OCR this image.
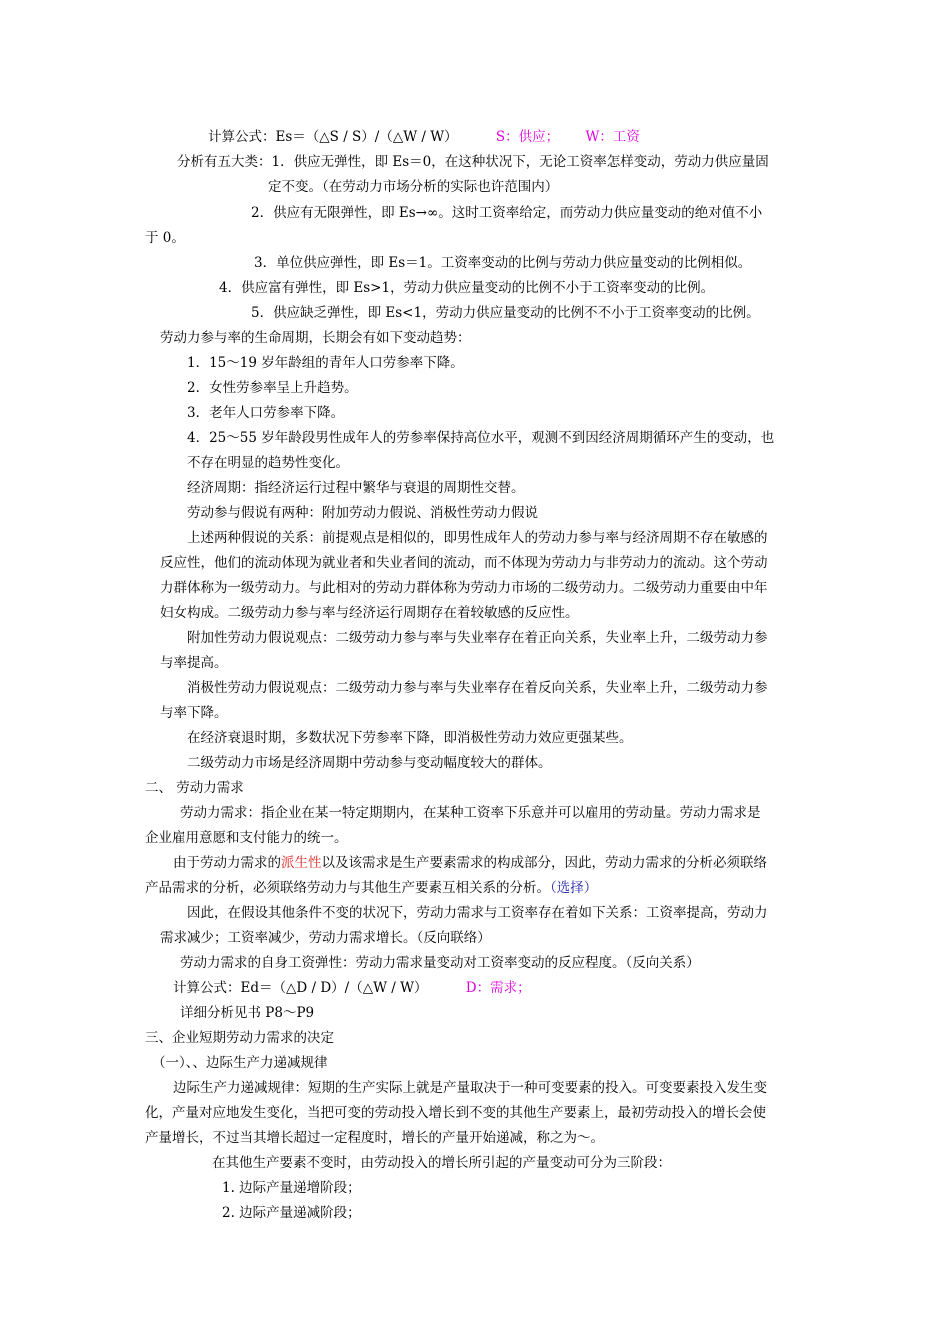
计算公式：Es＝（△S / S）/（△W / W）	S：供应； W：工资
分析有五大类：1．供应无弹性，即 Es＝0，在这种状况下，无论工资率怎样变动，劳动力供应量固
定不变。（在劳动力市场分析的实际也许范围内）
2．供应有无限弹性，即 Es→∞。这时工资率给定，而劳动力供应量变动的绝对值不小
于 0。
3．单位供应弹性，即 Es＝1。工资率变动的比例与劳动力供应量变动的比例相似。
4．供应富有弹性，即 Es>1，劳动力供应量变动的比例不小于工资率变动的比例。
5．供应缺乏弹性，即 Es<1，劳动力供应量变动的比例不不小于工资率变动的比例。
劳动力参与率的生命周期，长期会有如下变动趋势：
1．15～19 岁年龄组的青年人口劳参率下降。
2．女性劳参率呈上升趋势。
3．老年人口劳参率下降。
4．25～55 岁年龄段男性成年人的劳参率保持高位水平，观测不到因经济周期循环产生的变动，也
不存在明显的趋势性变化。
经济周期：指经济运行过程中繁华与衰退的周期性交替。
劳动参与假说有两种：附加劳动力假说、消极性劳动力假说
上述两种假说的关系：前提观点是相似的，即男性成年人的劳动力参与率与经济周期不存在敏感的
反应性，他们的流动体现为就业者和失业者间的流动，而不体现为劳动力与非劳动力的流动。这个劳动
力群体称为一级劳动力。与此相对的劳动力群体称为劳动力市场的二级劳动力。二级劳动力重要由中年
妇女构成。二级劳动力参与率与经济运行周期存在着较敏感的反应性。
附加性劳动力假说观点：二级劳动力参与率与失业率存在着正向关系，失业率上升，二级劳动力参
与率提高。
消极性劳动力假说观点：二级劳动力参与率与失业率存在着反向关系，失业率上升，二级劳动力参
与率下降。
在经济衰退时期，多数状况下劳参率下降，即消极性劳动力效应更强某些。
二级劳动力市场是经济周期中劳动参与变动幅度较大的群体。
二、 劳动力需求
劳动力需求：指企业在某一特定期期内，在某种工资率下乐意并可以雇用的劳动量。劳动力需求是
企业雇用意愿和支付能力的统一。
由于劳动力需求的派生性以及该需求是生产要素需求的构成部分，因此，劳动力需求的分析必须联络
产品需求的分析，必须联络劳动力与其他生产要素互相关系的分析。（选择）
因此，在假设其他条件不变的状况下，劳动力需求与工资率存在着如下关系：工资率提高，劳动力
需求减少；工资率减少，劳动力需求增长。（反向联络）
劳动力需求的自身工资弹性：劳动力需求量变动对工资率变动的反应程度。（反向关系）
计算公式：Ed＝（△D / D）/（△W / W）	D：需求；
详细分析见书 P8～P9
三、企业短期劳动力需求的决定
（一）、、边际生产力递减规律
边际生产力递减规律：短期的生产实际上就是产量取决于一种可变要素的投入。可变要素投入发生变
化，产量对应地发生变化，当把可变的劳动投入增长到不变的其他生产要素上，最初劳动投入的增长会使
产量增长，不过当其增长超过一定程度时，增长的产量开始递减，称之为～。
在其他生产要素不变时，由劳动投入的增长所引起的产量变动可分为三阶段：
1. 边际产量递增阶段；
2. 边际产量递减阶段；
